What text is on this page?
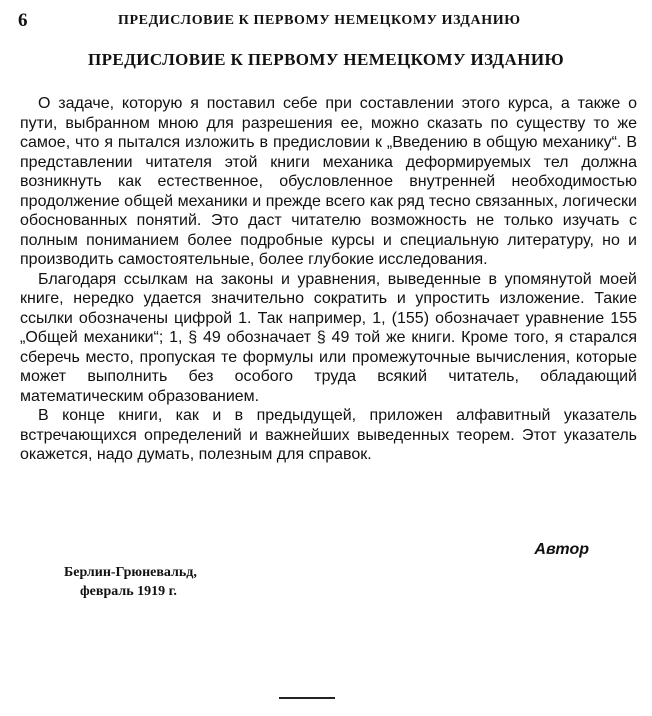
6	ПРЕДИСЛОВИЕ К ПЕРВОМУ НЕМЕЦКОМУ ИЗДАНИЮ
ПРЕДИСЛОВИЕ К ПЕРВОМУ НЕМЕЦКОМУ ИЗДАНИЮ

О задаче, которую я поставил себе при составлении этого курса, а также о пути, выбранном мною для разрешения ее, можно сказать по существу то же самое, что я пытался изложить в предисловии к „Введению в общую механику“. В представлении читателя этой книги механика деформируемых тел должна возникнуть как естественное, обусловленное внутренней необходимостью продолжение общей механики и прежде всего как ряд тесно связанных, логически обоснованных понятий. Это даст читателю возможность не только изучать с полным пониманием более подробные курсы и специальную литературу, но и производить самостоятельные, более глубокие исследования.

Благодаря ссылкам на законы и уравнения, выведенные в упомянутой моей книге, нередко удается значительно сократить и упростить изложение. Такие ссылки обозначены цифрой 1. Так например, 1, (155) обозначает уравнение 155 „Общей механики“; 1, § 49 обозначает § 49 той же книги. Кроме того, я старался сберечь место, пропуская те формулы или промежуточные вычисления, которые может выполнить без особого труда всякий читатель, обладающий математическим образованием.

В конце книги, как и в предыдущей, приложен алфавитный указатель встречающихся определений и важнейших выведенных теорем. Этот указатель окажется, надо думать, полезным для справок.

Автор
Берлин-Грюневальд,
февраль 1919 г.
